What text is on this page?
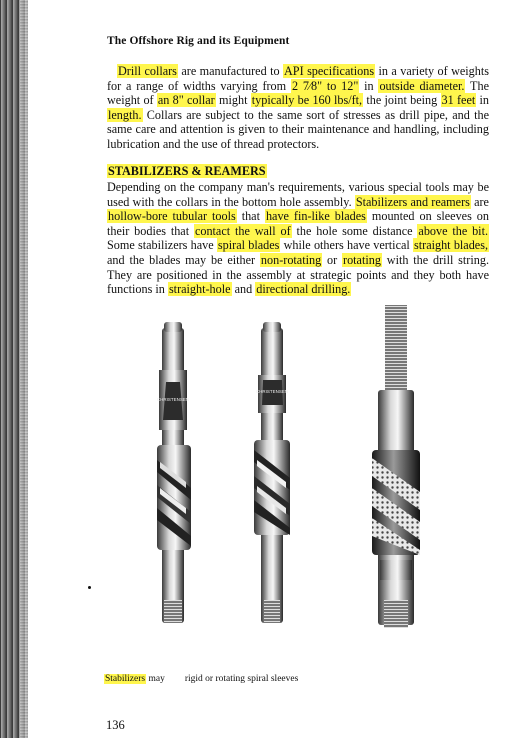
The Offshore Rig and its Equipment
Drill collars are manufactured to API specifications in a variety of weights for a range of widths varying from 2 7⁄8" to 12" in outside diameter. The weight of an 8" collar might typically be 160 lbs/ft, the joint being 31 feet in length. Collars are subject to the same sort of stresses as drill pipe, and the same care and attention is given to their maintenance and handling, including lubrication and the use of thread protectors.
STABILIZERS & REAMERS
Depending on the company man's requirements, various special tools may be used with the collars in the bottom hole assembly. Stabilizers and reamers are hollow-bore tubular tools that have fin-like blades mounted on sleeves on their bodies that contact the wall of the hole some distance above the bit. Some stabilizers have spiral blades while others have vertical straight blades, and the blades may be either non-rotating or rotating with the drill string. They are positioned in the assembly at strategic points and they both have functions in straight-hole and directional drilling.
CHRISTENSEN
CHRISTENSEN
Stabilizers may rigid or rotating spiral sleeves
136
